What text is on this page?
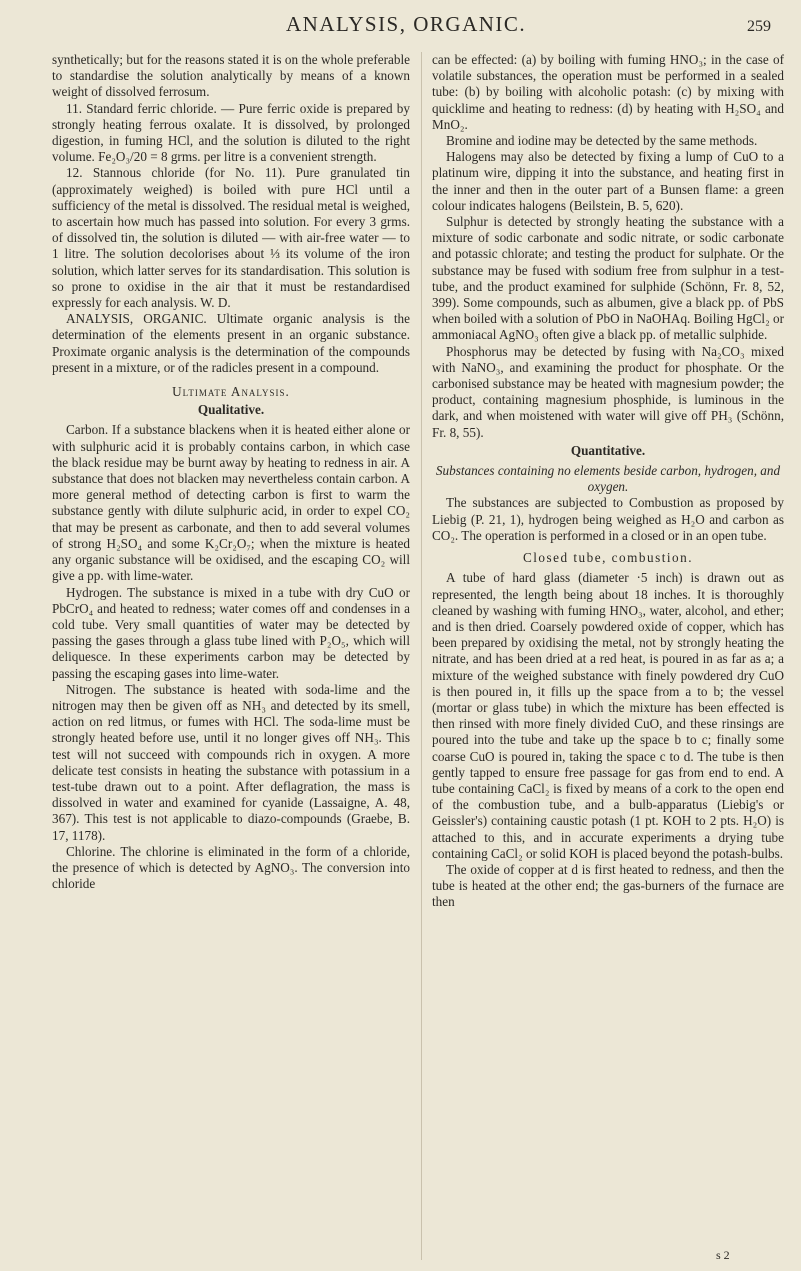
ANALYSIS, ORGANIC.	259

synthetically; but for the reasons stated it is on the whole preferable to standardise the solution analytically by means of a known weight of dissolved ferrosum.

11. Standard ferric chloride. — Pure ferric oxide is prepared by strongly heating ferrous oxalate. It is dissolved, by prolonged digestion, in fuming HCl, and the solution is diluted to the right volume. Fe₂O₃/20 = 8 grms. per litre is a convenient strength.

12. Stannous chloride (for No. 11). Pure granulated tin (approximately weighed) is boiled with pure HCl until a sufficiency of the metal is dissolved. The residual metal is weighed, to ascertain how much has passed into solution. For every 3 grms. of dissolved tin, the solution is diluted — with air-free water — to 1 litre. The solution decolorises about ⅓ its volume of the iron solution, which latter serves for its standardisation. This solution is so prone to oxidise in the air that it must be restandardised expressly for each analysis. W. D.

ANALYSIS, ORGANIC. Ultimate organic analysis is the determination of the elements present in an organic substance. Proximate organic analysis is the determination of the compounds present in a mixture, or of the radicles present in a compound.

Ultimate Analysis.

Qualitative.

Carbon. If a substance blackens when it is heated either alone or with sulphuric acid it is probably contains carbon, in which case the black residue may be burnt away by heating to redness in air. A substance that does not blacken may nevertheless contain carbon. A more general method of detecting carbon is first to warm the substance gently with dilute sulphuric acid, in order to expel CO₂ that may be present as carbonate, and then to add several volumes of strong H₂SO₄ and some K₂Cr₂O₇; when the mixture is heated any organic substance will be oxidised, and the escaping CO₂ will give a pp. with lime-water.

Hydrogen. The substance is mixed in a tube with dry CuO or PbCrO₄ and heated to redness; water comes off and condenses in a cold tube. Very small quantities of water may be detected by passing the gases through a glass tube lined with P₂O₅, which will deliquesce. In these experiments carbon may be detected by passing the escaping gases into lime-water.

Nitrogen. The substance is heated with soda-lime and the nitrogen may then be given off as NH₃ and detected by its smell, action on red litmus, or fumes with HCl. The soda-lime must be strongly heated before use, until it no longer gives off NH₃. This test will not succeed with compounds rich in oxygen. A more delicate test consists in heating the substance with potassium in a test-tube drawn out to a point. After deflagration, the mass is dissolved in water and examined for cyanide (Lassaigne, A. 48, 367). This test is not applicable to diazo-compounds (Graebe, B. 17, 1178).

Chlorine. The chlorine is eliminated in the form of a chloride, the presence of which is detected by AgNO₃. The conversion into chloride

can be effected: (a) by boiling with fuming HNO₃; in the case of volatile substances, the operation must be performed in a sealed tube: (b) by boiling with alcoholic potash: (c) by mixing with quicklime and heating to redness: (d) by heating with H₂SO₄ and MnO₂.

Bromine and iodine may be detected by the same methods.

Halogens may also be detected by fixing a lump of CuO to a platinum wire, dipping it into the substance, and heating first in the inner and then in the outer part of a Bunsen flame: a green colour indicates halogens (Beilstein, B. 5, 620).

Sulphur is detected by strongly heating the substance with a mixture of sodic carbonate and sodic nitrate, or sodic carbonate and potassic chlorate; and testing the product for sulphate. Or the substance may be fused with sodium free from sulphur in a test-tube, and the product examined for sulphide (Schönn, Fr. 8, 52, 399). Some compounds, such as albumen, give a black pp. of PbS when boiled with a solution of PbO in NaOHAq. Boiling HgCl₂ or ammoniacal AgNO₃ often give a black pp. of metallic sulphide.

Phosphorus may be detected by fusing with Na₂CO₃ mixed with NaNO₃, and examining the product for phosphate. Or the carbonised substance may be heated with magnesium powder; the product, containing magnesium phosphide, is luminous in the dark, and when moistened with water will give off PH₃ (Schönn, Fr. 8, 55).

Quantitative.

Substances containing no elements beside carbon, hydrogen, and oxygen.

The substances are subjected to Combustion as proposed by Liebig (P. 21, 1), hydrogen being weighed as H₂O and carbon as CO₂. The operation is performed in a closed or in an open tube.

Closed tube, combustion.

A tube of hard glass (diameter ·5 inch) is drawn out as represented, the length being about 18 inches. It is thoroughly cleaned by washing with fuming HNO₃, water, alcohol, and ether; and is then dried. Coarsely powdered oxide of copper, which has been prepared by oxidising the metal, not by strongly heating the nitrate, and has been dried at a red heat, is poured in as far as a; a mixture of the weighed substance with finely powdered dry CuO is then poured in, it fills up the space from a to b; the vessel (mortar or glass tube) in which the mixture has been effected is then rinsed with more finely divided CuO, and these rinsings are poured into the tube and take up the space b to c; finally some coarse CuO is poured in, taking the space c to d. The tube is then gently tapped to ensure free passage for gas from end to end. A tube containing CaCl₂ is fixed by means of a cork to the open end of the combustion tube, and a bulb-apparatus (Liebig's or Geissler's) containing caustic potash (1 pt. KOH to 2 pts. H₂O) is attached to this, and in accurate experiments a drying tube containing CaCl₂ or solid KOH is placed beyond the potash-bulbs.

The oxide of copper at d is first heated to redness, and then the tube is heated at the other end; the gas-burners of the furnace are then

s 2
